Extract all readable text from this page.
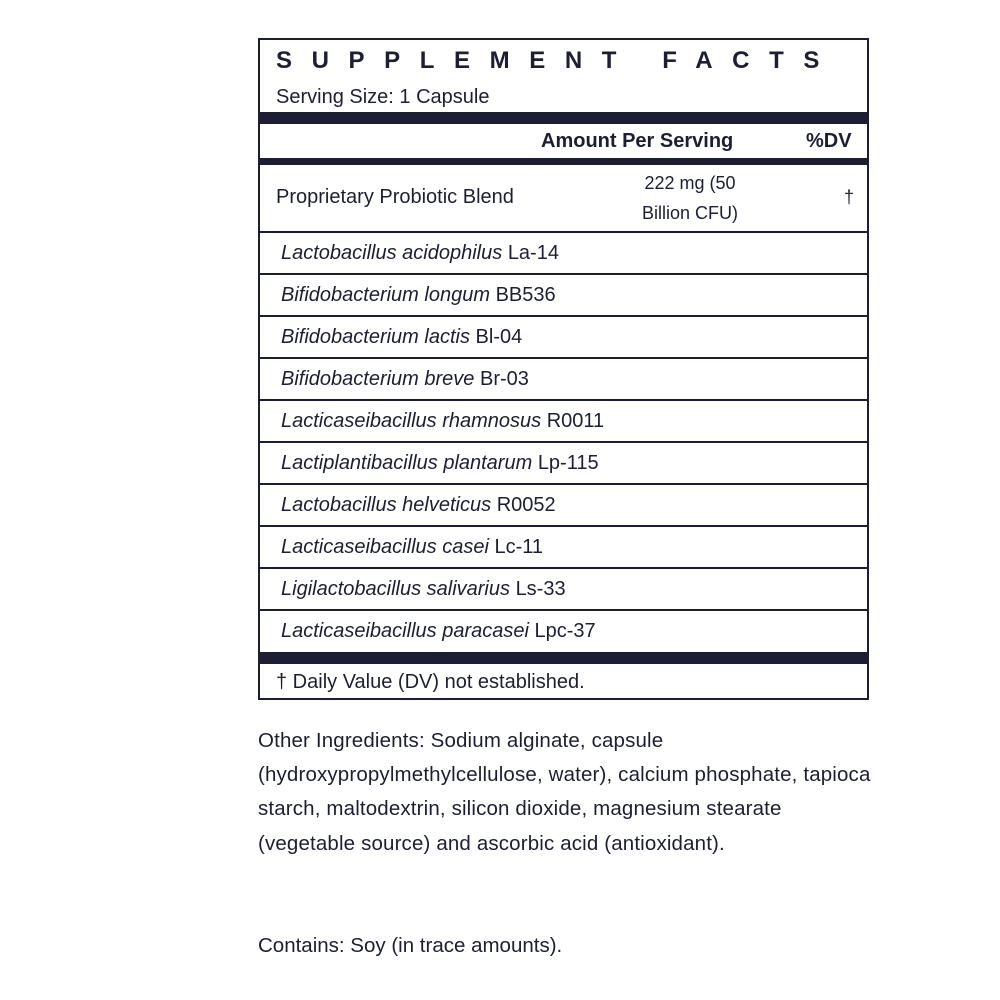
SUPPLEMENT FACTS
Serving Size: 1 Capsule
Amount Per Serving	%DV
Proprietary Probiotic Blend
222 mg (50 Billion CFU)
†
Lactobacillus acidophilus La-14
Bifidobacterium longum BB536
Bifidobacterium lactis Bl-04
Bifidobacterium breve Br-03
Lacticaseibacillus rhamnosus R0011
Lactiplantibacillus plantarum Lp-115
Lactobacillus helveticus R0052
Lacticaseibacillus casei Lc-11
Ligilactobacillus salivarius Ls-33
Lacticaseibacillus paracasei Lpc-37
† Daily Value (DV) not established.

Other Ingredients: Sodium alginate, capsule (hydroxypropylmethylcellulose, water), calcium phosphate, tapioca starch, maltodextrin, silicon dioxide, magnesium stearate (vegetable source) and ascorbic acid (antioxidant).

Contains: Soy (in trace amounts).
